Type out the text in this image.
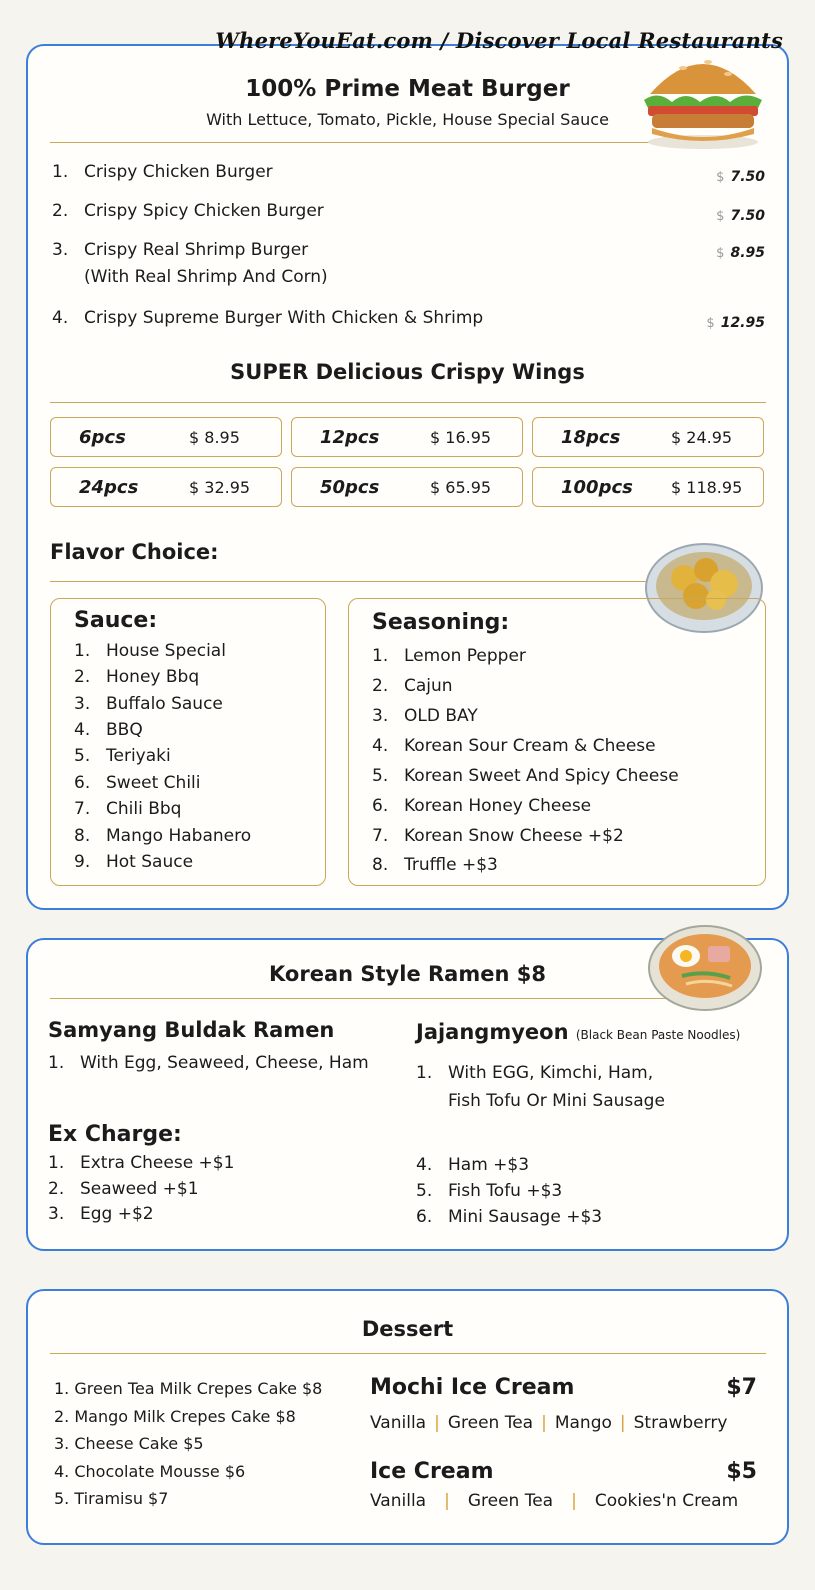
100% Prime Meat Burger
With Lettuce, Tomato, Pickle, House Special Sauce
1. Crispy Chicken Burger	$ 7.50
2. Crispy Spicy Chicken Burger	$ 7.50
3. Crispy Real Shrimp Burger
(With Real Shrimp And Corn)
$ 8.95
4. Crispy Supreme Burger With Chicken & Shrimp	$ 12.95
SUPER Delicious Crispy Wings
6pcs	$ 8.95	12pcs	$ 16.95	18pcs	$ 24.95
24pcs	$ 32.95	50pcs	$ 65.95	100pcs $ 118.95
Flavor Choice:
Sauce:
1. House Special
2. Honey Bbq
3. Buffalo Sauce
4. BBQ
5. Teriyaki
6. Sweet Chili
7. Chili Bbq
8. Mango Habanero
9. Hot Sauce
Seasoning:
1. Lemon Pepper
2. Cajun
3. OLD BAY
4. Korean Sour Cream & Cheese
5. Korean Sweet And Spicy Cheese
6. Korean Honey Cheese
7. Korean Snow Cheese +$2
8. Truffle +$3
WhereYouEat.com / Discover Local Restaurants
Korean Style Ramen $8
Samyang Buldak Ramen
1. With Egg, Seaweed, Cheese, Ham
Jajangmyeon (Black Bean Paste Noodles)
1. With EGG, Kimchi, Ham,
Fish Tofu Or Mini Sausage
Ex Charge:
1. Extra Cheese +$1
2. Seaweed +$1
3. Egg +$2
4. Ham +$3
5. Fish Tofu +$3
6. Mini Sausage +$3
Dessert
1. Green Tea Milk Crepes Cake $8
2. Mango Milk Crepes Cake $8
3. Cheese Cake $5
4. Chocolate Mousse $6
5. Tiramisu $7
Mochi Ice Cream	$7
Vanilla | Green Tea | Mango | Strawberry
Ice Cream	$5
Vanilla | Green Tea | Cookies'n Cream
